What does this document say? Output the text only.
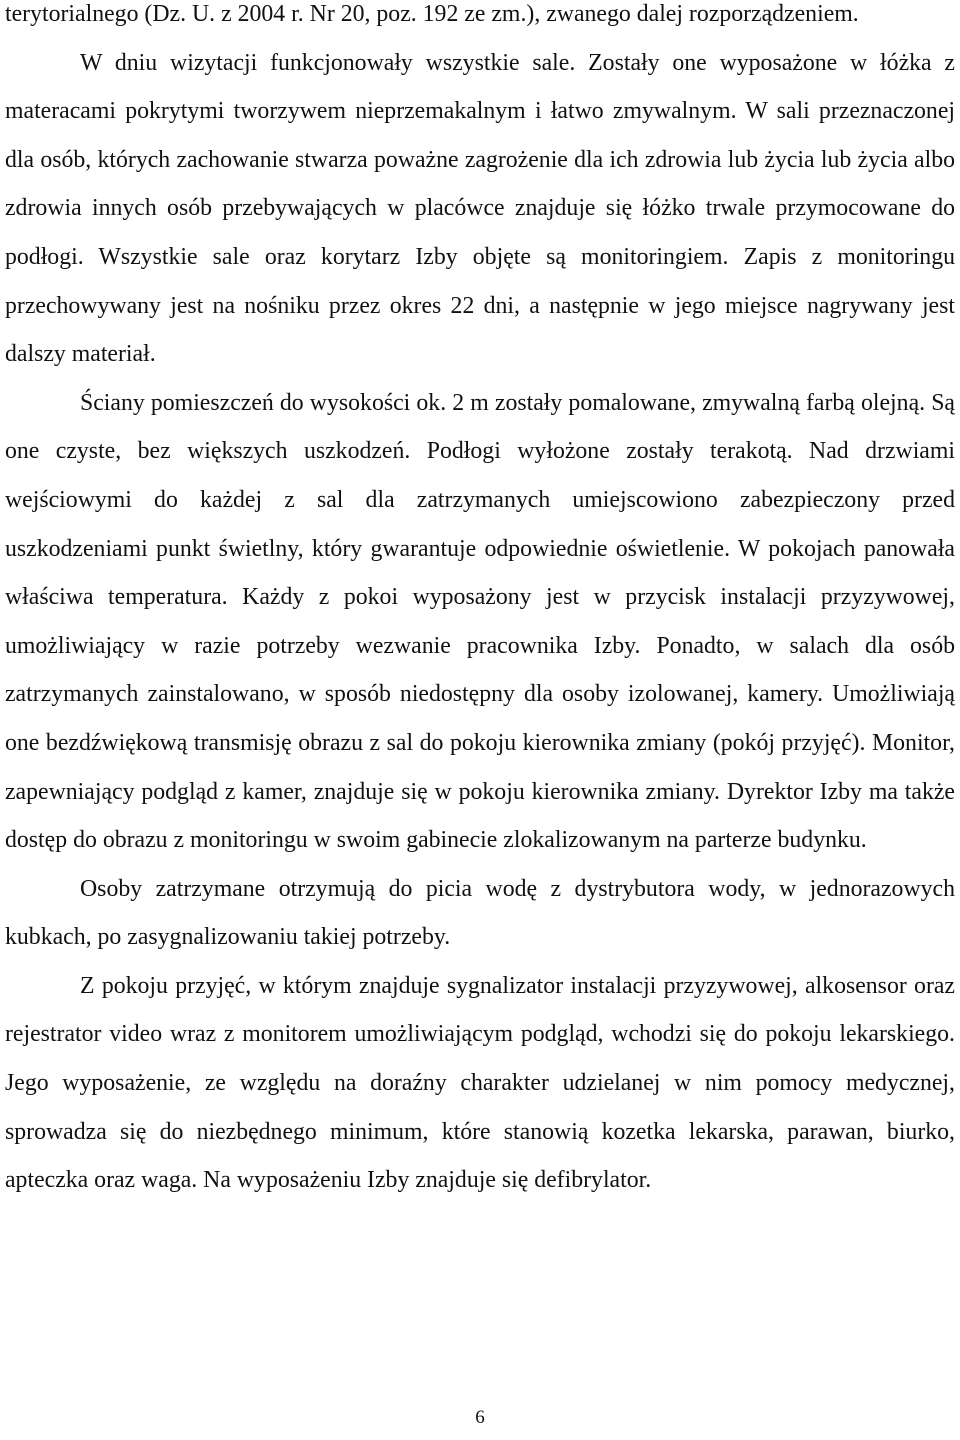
terytorialnego (Dz. U. z 2004 r. Nr 20, poz. 192 ze zm.), zwanego dalej rozporządzeniem.

W dniu wizytacji funkcjonowały wszystkie sale. Zostały one wyposażone w łóżka z materacami pokrytymi tworzywem nieprzemakalnym i łatwo zmywalnym. W sali przeznaczonej dla osób, których zachowanie stwarza poważne zagrożenie dla ich zdrowia lub życia lub życia albo zdrowia innych osób przebywających w placówce znajduje się łóżko trwale przymocowane do podłogi. Wszystkie sale oraz korytarz Izby objęte są monitoringiem. Zapis z monitoringu przechowywany jest na nośniku przez okres 22 dni, a następnie w jego miejsce nagrywany jest dalszy materiał.

Ściany pomieszczeń do wysokości ok. 2 m zostały pomalowane, zmywalną farbą olejną. Są one czyste, bez większych uszkodzeń. Podłogi wyłożone zostały terakotą. Nad drzwiami wejściowymi do każdej z sal dla zatrzymanych umiejscowiono zabezpieczony przed uszkodzeniami punkt świetlny, który gwarantuje odpowiednie oświetlenie. W pokojach panowała właściwa temperatura. Każdy z pokoi wyposażony jest w przycisk instalacji przyzywowej, umożliwiający w razie potrzeby wezwanie pracownika Izby. Ponadto, w salach dla osób zatrzymanych zainstalowano, w sposób niedostępny dla osoby izolowanej, kamery. Umożliwiają one bezdźwiękową transmisję obrazu z sal do pokoju kierownika zmiany (pokój przyjęć). Monitor, zapewniający podgląd z kamer, znajduje się w pokoju kierownika zmiany. Dyrektor Izby ma także dostęp do obrazu z monitoringu w swoim gabinecie zlokalizowanym na parterze budynku.

Osoby zatrzymane otrzymują do picia wodę z dystrybutora wody, w jednorazowych kubkach, po zasygnalizowaniu takiej potrzeby.

Z pokoju przyjęć, w którym znajduje sygnalizator instalacji przyzywowej, alkosensor oraz rejestrator video wraz z monitorem umożliwiającym podgląd, wchodzi się do pokoju lekarskiego. Jego wyposażenie, ze względu na doraźny charakter udzielanej w nim pomocy medycznej, sprowadza się do niezbędnego minimum, które stanowią kozetka lekarska, parawan, biurko, apteczka oraz waga. Na wyposażeniu Izby znajduje się defibrylator.

6
